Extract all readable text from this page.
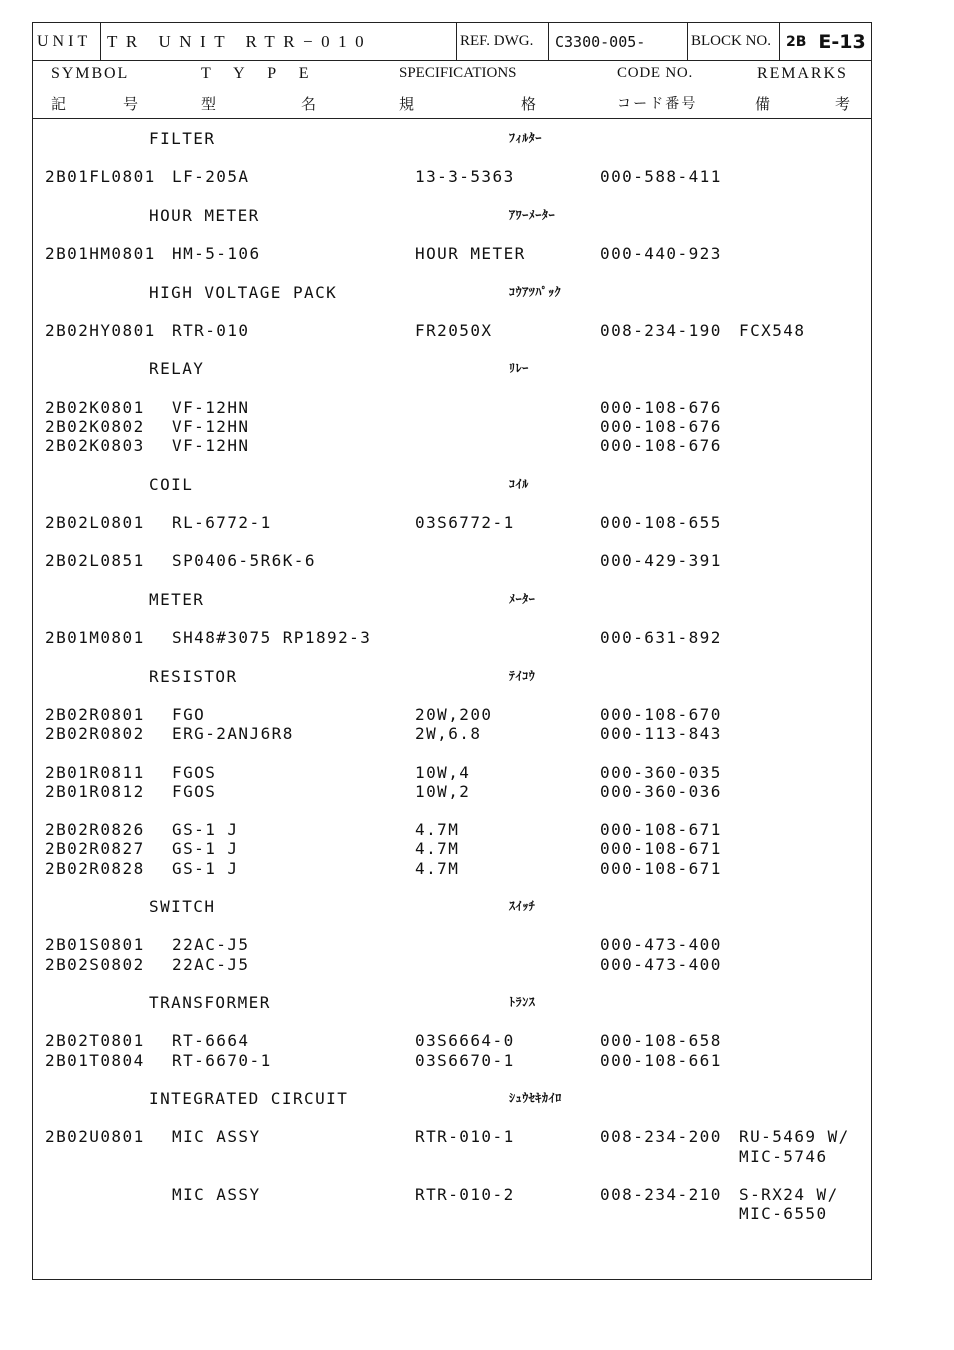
UNIT TR UNIT RTR−010	REF. DWG.	C3300-005-	BLOCK NO.	2B E-13
SYMBOL
記	号
T Y P E
型	名
SPECIFICATIONS
規	格
CODE NO.
コード番号
REMARKS
備	考
FILTER	ﾌｨﾙﾀｰ
2B01FL0801 LF-205A	13-3-5363	000-588-411
HOUR METER	ｱﾜｰﾒｰﾀｰ
2B01HM0801 HM-5-106	HOUR METER	000-440-923
HIGH VOLTAGE PACK	ｺｳｱﾂﾊﾟｯｸ
2B02HY0801 RTR-010	FR2050X	008-234-190 FCX548
RELAY	ﾘﾚｰ
2B02K0801 VF-12HN	000-108-676
2B02K0802 VF-12HN	000-108-676
2B02K0803 VF-12HN	000-108-676
COIL	ｺｲﾙ
2B02L0801 RL-6772-1	03S6772-1	000-108-655
2B02L0851 SP0406-5R6K-6	000-429-391
METER	ﾒｰﾀｰ
2B01M0801 SH48#3075 RP1892-3	000-631-892
RESISTOR	ﾃｲｺｳ
2B02R0801 FGO	20W,200	000-108-670
2B02R0802 ERG-2ANJ6R8	2W,6.8	000-113-843
2B01R0811 FGOS	10W,4	000-360-035
2B01R0812 FGOS	10W,2	000-360-036
2B02R0826 GS-1 J	4.7M	000-108-671
2B02R0827 GS-1 J	4.7M	000-108-671
2B02R0828 GS-1 J	4.7M	000-108-671
SWITCH	ｽｲｯﾁ
2B01S0801 22AC-J5	000-473-400
2B02S0802 22AC-J5	000-473-400
TRANSFORMER	ﾄﾗﾝｽ
2B02T0801 RT-6664	03S6664-0	000-108-658
2B01T0804 RT-6670-1	03S6670-1	000-108-661
INTEGRATED CIRCUIT	ｼｭｳｾｷｶｲﾛ
2B02U0801 MIC ASSY	RTR-010-1	008-234-200 RU-5469 W/
MIC-5746
MIC ASSY	RTR-010-2	008-234-210 S-RX24 W/
MIC-6550
